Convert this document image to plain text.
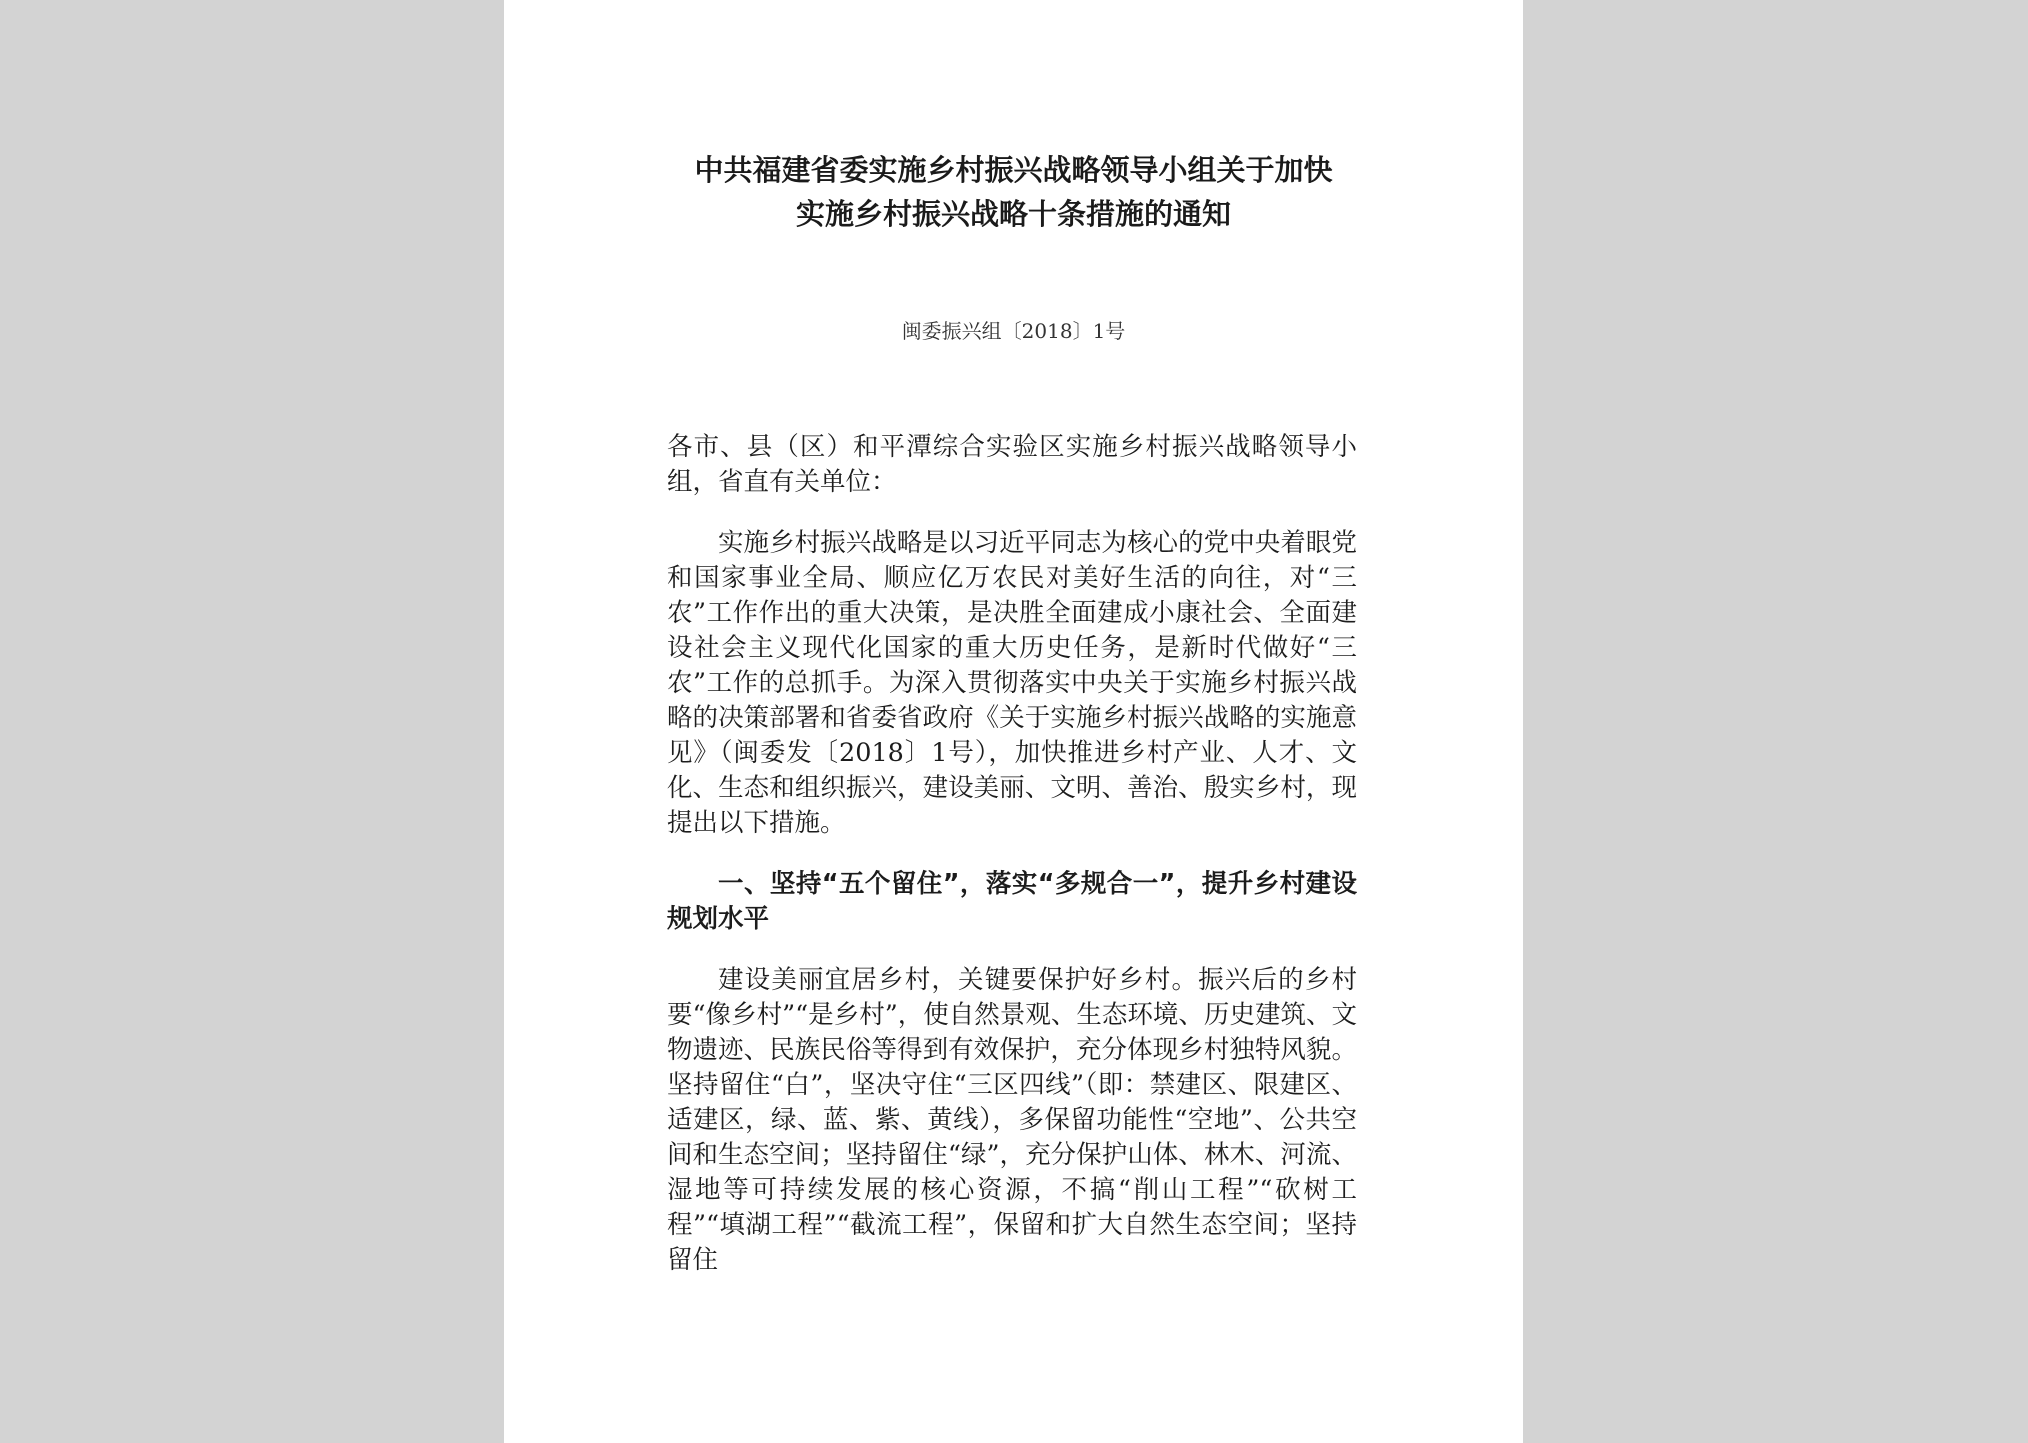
中共福建省委实施乡村振兴战略领导小组关于加快
实施乡村振兴战略十条措施的通知
闽委振兴组〔2018〕1号

各市、县（区）和平潭综合实验区实施乡村振兴战略领导小组，省直有关单位：

实施乡村振兴战略是以习近平同志为核心的党中央着眼党和国家事业全局、顺应亿万农民对美好生活的向往，对“三农”工作作出的重大决策，是决胜全面建成小康社会、全面建设社会主义现代化国家的重大历史任务，是新时代做好“三农”工作的总抓手。为深入贯彻落实中央关于实施乡村振兴战略的决策部署和省委省政府《关于实施乡村振兴战略的实施意见》（闽委发〔2018〕1号），加快推进乡村产业、人才、文化、生态和组织振兴，建设美丽、文明、善治、殷实乡村，现提出以下措施。

一、坚持“五个留住”，落实“多规合一”，提升乡村建设规划水平

建设美丽宜居乡村，关键要保护好乡村。振兴后的乡村要“像乡村”“是乡村”，使自然景观、生态环境、历史建筑、文物遗迹、民族民俗等得到有效保护，充分体现乡村独特风貌。坚持留住“白”，坚决守住“三区四线”（即：禁建区、限建区、适建区，绿、蓝、紫、黄线），多保留功能性“空地”、公共空间和生态空间；坚持留住“绿”，充分保护山体、林木、河流、湿地等可持续发展的核心资源，不搞“削山工程”“砍树工程”“填湖工程”“截流工程”，保留和扩大自然生态空间；坚持留住
